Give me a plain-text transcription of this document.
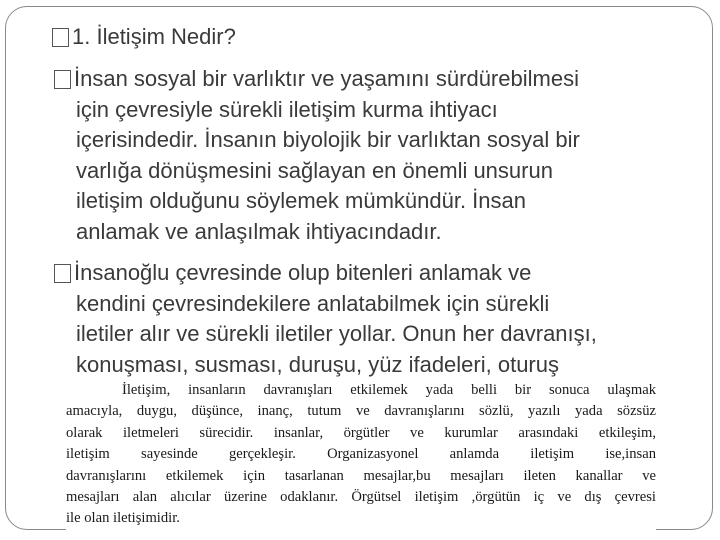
1. İletişim Nedir?
İnsan sosyal bir varlıktır ve yaşamını sürdürebilmesi
için çevresiyle sürekli iletişim kurma ihtiyacı
içerisindedir. İnsanın biyolojik bir varlıktan sosyal bir
varlığa dönüşmesini sağlayan en önemli unsurun
iletişim olduğunu söylemek mümkündür. İnsan
anlamak ve anlaşılmak ihtiyacındadır.
İnsanoğlu çevresinde olup bitenleri anlamak ve
kendini çevresindekilere anlatabilmek için sürekli
iletiler alır ve sürekli iletiler yollar. Onun her davranışı,
konuşması, susması, duruşu, yüz ifadeleri, oturuş
İletişim, insanların davranışları etkilemek yada belli bir sonuca ulaşmak
amacıyla, duygu, düşünce, inanç, tutum ve davranışlarını sözlü, yazılı yada sözsüz
olarak iletmeleri sürecidir. insanlar, örgütler ve kurumlar arasındaki etkileşim,
iletişim sayesinde gerçekleşir. Organizasyonel anlamda iletişim ise,insan
davranışlarını etkilemek için tasarlanan mesajlar,bu mesajları ileten kanallar ve
mesajları alan alıcılar üzerine odaklanır. Örgütsel iletişim ,örgütün iç ve dış çevresi
ile olan iletişimidir.
